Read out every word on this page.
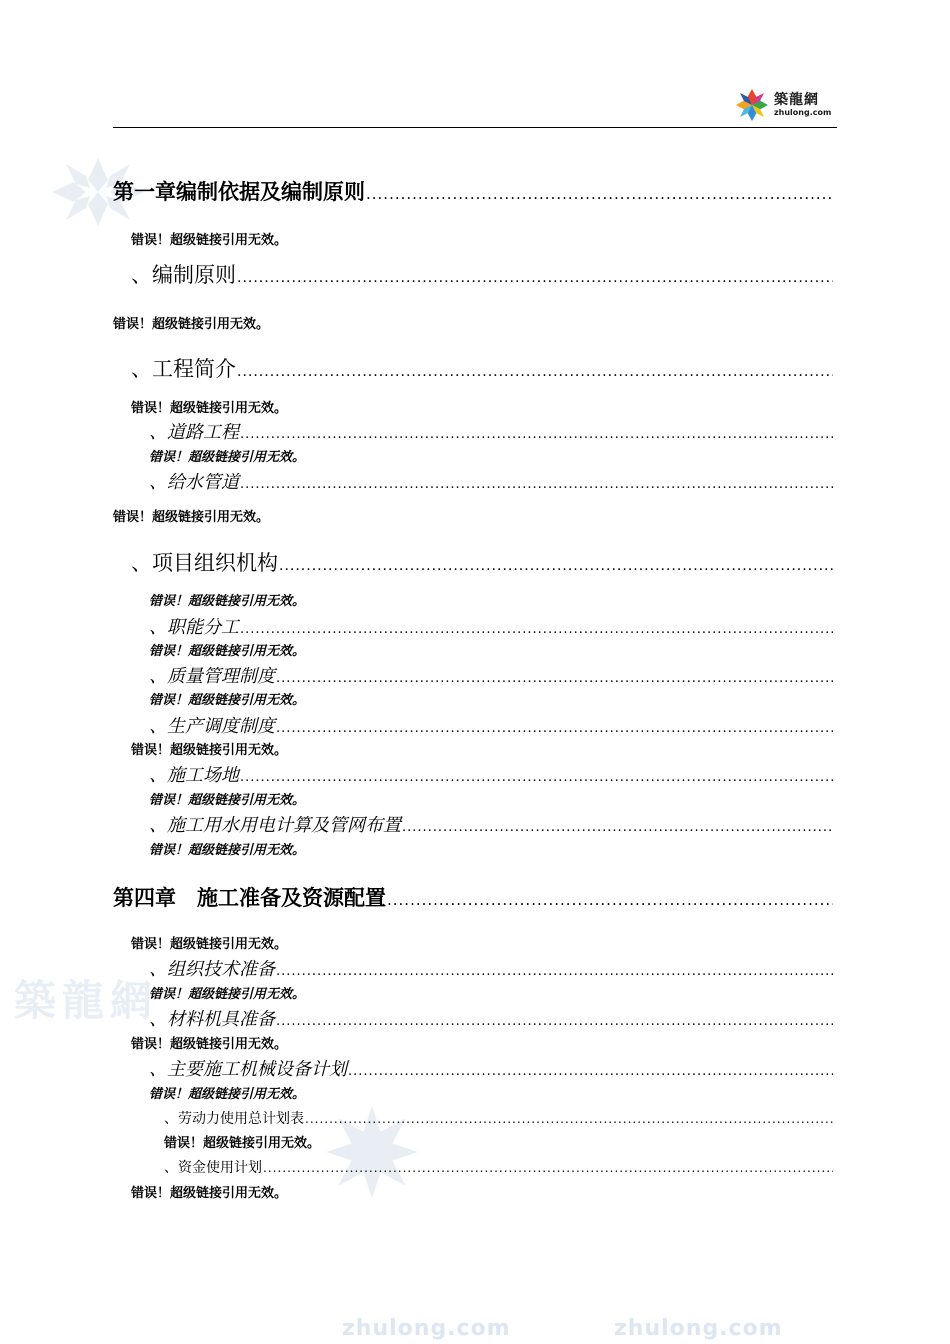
築龍網
zhulong.com	zhulong.com
築龍網
zhulong.com
第一章编制依据及编制原则
.....
错误！超级链接引用无效。
、编制原则
.....
错误！超级链接引用无效。
、工程简介
.....
错误！超级链接引用无效。
、道路工程
.....
错误！超级链接引用无效。
、给水管道
.....
错误！超级链接引用无效。
、项目组织机构
.....
错误！超级链接引用无效。
、职能分工
.....
错误！超级链接引用无效。
、质量管理制度
.....
错误！超级链接引用无效。
、生产调度制度
.....
错误！超级链接引用无效。
、施工场地
.....
错误！超级链接引用无效。
、施工用水用电计算及管网布置
.....
错误！超级链接引用无效。
第四章　施工准备及资源配置
.....
错误！超级链接引用无效。
、组织技术准备
.....
错误！超级链接引用无效。
、材料机具准备
.....
错误！超级链接引用无效。
、主要施工机械设备计划
.....
错误！超级链接引用无效。
、劳动力使用总计划表
.....
错误！超级链接引用无效。
、资金使用计划
.....
错误！超级链接引用无效。
